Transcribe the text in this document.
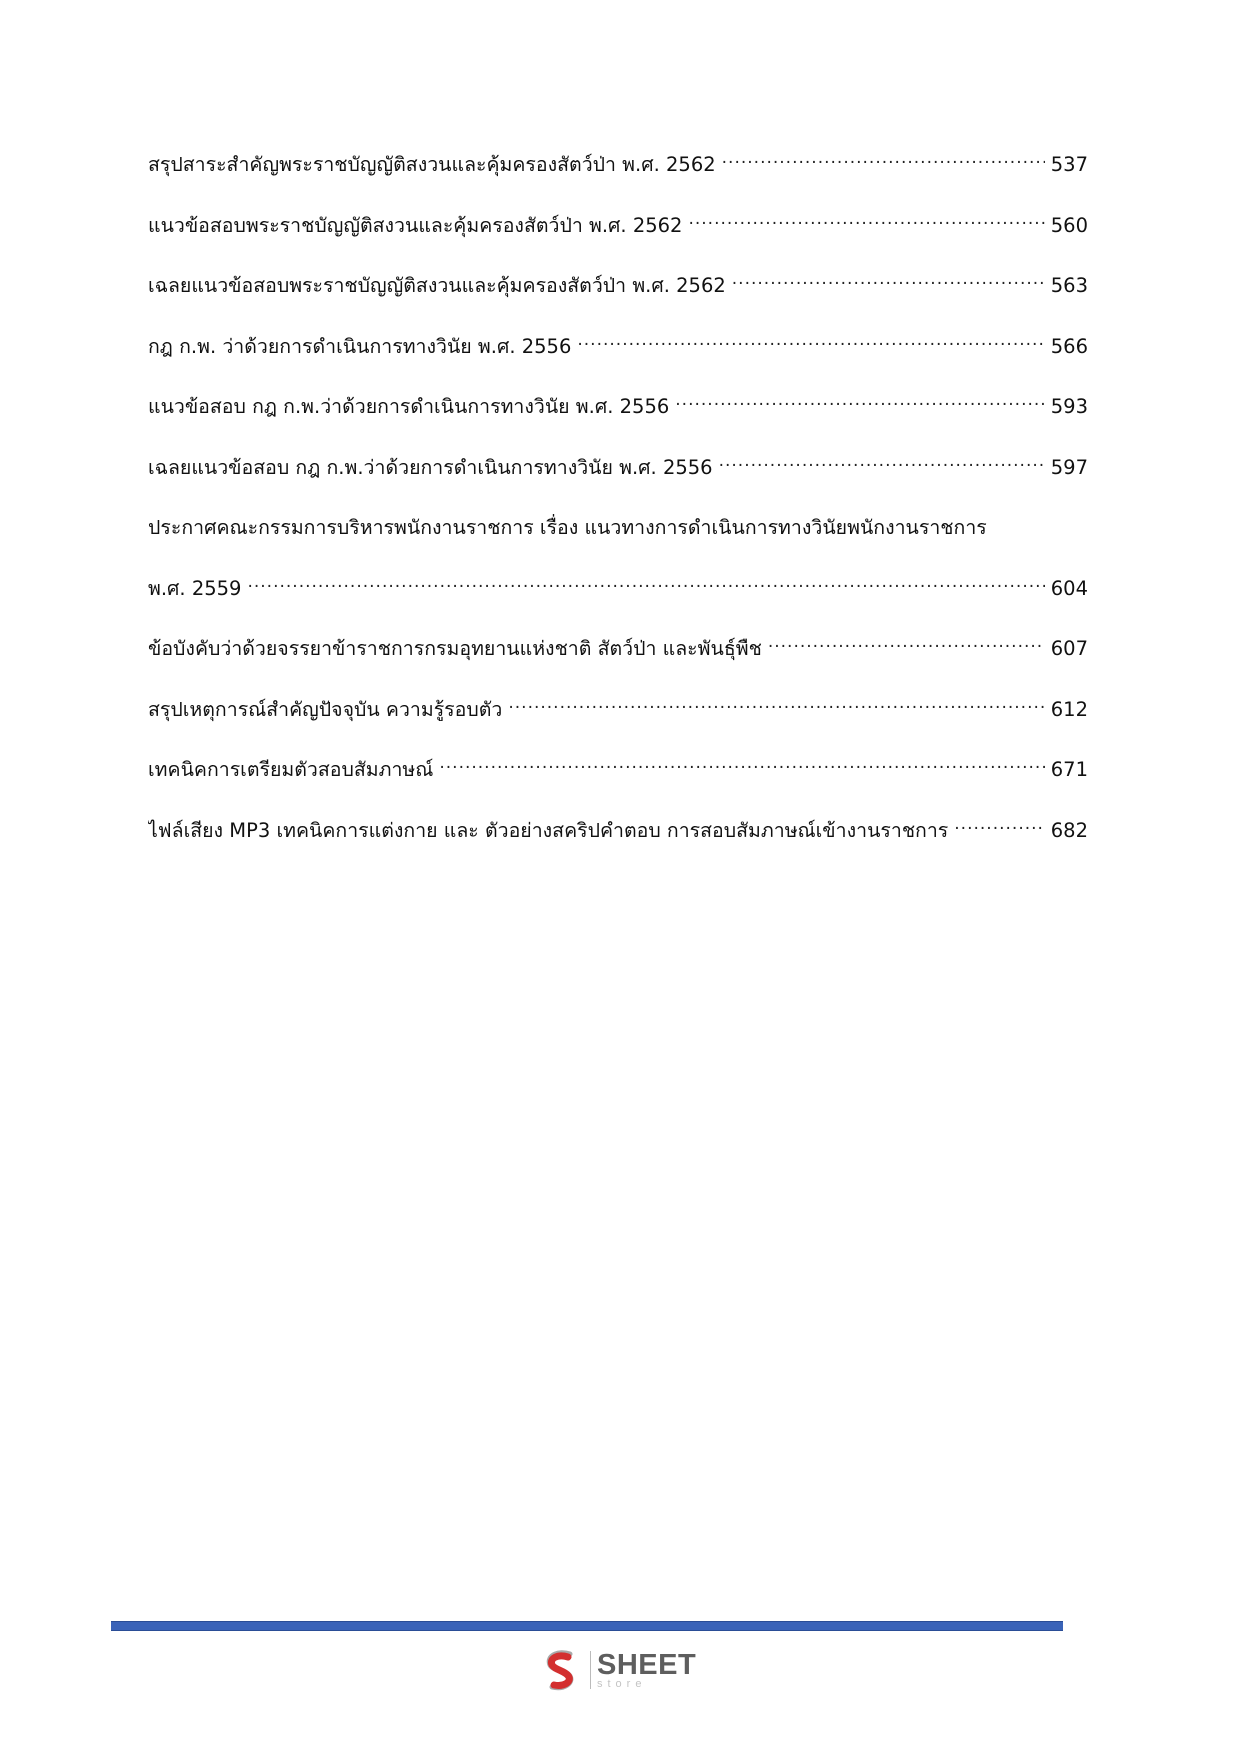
สรุปสาระสำคัญพระราชบัญญัติสงวนและคุ้มครองสัตว์ป่า พ.ศ. 2562 .....	537
แนวข้อสอบพระราชบัญญัติสงวนและคุ้มครองสัตว์ป่า พ.ศ. 2562 .....	560
เฉลยแนวข้อสอบพระราชบัญญัติสงวนและคุ้มครองสัตว์ป่า พ.ศ. 2562 .....	563
กฎ ก.พ. ว่าด้วยการดำเนินการทางวินัย พ.ศ. 2556 .....	566
แนวข้อสอบ กฎ ก.พ.ว่าด้วยการดำเนินการทางวินัย พ.ศ. 2556 .....	593
เฉลยแนวข้อสอบ กฎ ก.พ.ว่าด้วยการดำเนินการทางวินัย พ.ศ. 2556 .....	597
ประกาศคณะกรรมการบริหารพนักงานราชการ เรื่อง แนวทางการดำเนินการทางวินัยพนักงานราชการ
พ.ศ. 2559 .....	604
ข้อบังคับว่าด้วยจรรยาข้าราชการกรมอุทยานแห่งชาติ สัตว์ป่า และพันธุ์พืช .....	607
สรุปเหตุการณ์สำคัญปัจจุบัน ความรู้รอบตัว .....	612
เทคนิคการเตรียมตัวสอบสัมภาษณ์ .....	671
ไฟล์เสียง MP3 เทคนิคการแต่งกาย และ ตัวอย่างสคริปคำตอบ การสอบสัมภาษณ์เข้างานราชการ .....	682
SHEET
store
